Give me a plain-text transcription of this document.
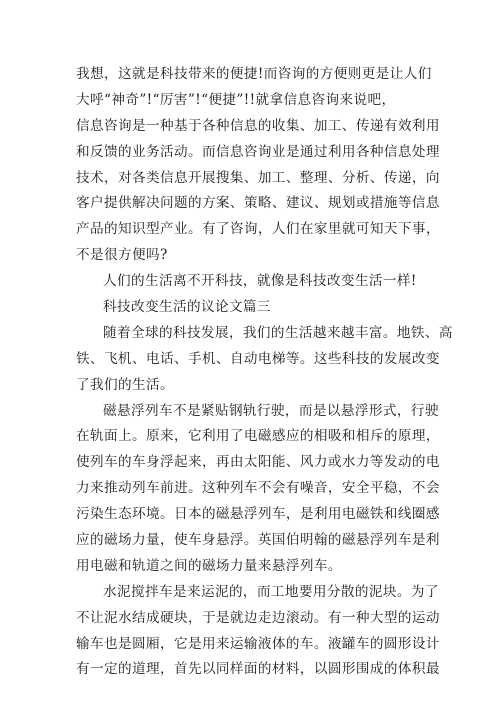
我想，这就是科技带来的便捷!而咨询的方便则更是让人们
大呼“神奇”!“厉害”!“便捷”!!就拿信息咨询来说吧，
信息咨询是一种基于各种信息的收集、加工、传递有效利用
和反馈的业务活动。而信息咨询业是通过利用各种信息处理
技术，对各类信息开展搜集、加工、整理、分析、传递，向
客户提供解决问题的方案、策略、建议、规划或措施等信息
产品的知识型产业。有了咨询，人们在家里就可知天下事，
不是很方便吗?
人们的生活离不开科技，就像是科技改变生活一样!
科技改变生活的议论文篇三
随着全球的科技发展，我们的生活越来越丰富。地铁、高
铁、飞机、电话、手机、自动电梯等。这些科技的发展改变
了我们的生活。
磁悬浮列车不是紧贴钢轨行驶，而是以悬浮形式，行驶
在轨面上。原来，它利用了电磁感应的相吸和相斥的原理，
使列车的车身浮起来，再由太阳能、风力或水力等发动的电
力来推动列车前进。这种列车不会有噪音，安全平稳，不会
污染生态环境。日本的磁悬浮列车，是利用电磁铁和线圈感
应的磁场力量，使车身悬浮。英国伯明翰的磁悬浮列车是利
用电磁和轨道之间的磁场力量来悬浮列车。
水泥搅拌车是来运泥的，而工地要用分散的泥块。为了
不让泥水结成硬块，于是就边走边滚动。有一种大型的运动
输车也是圆厢，它是用来运输液体的车。液罐车的圆形设计
有一定的道理，首先以同样面的材料，以圆形围成的体积最
